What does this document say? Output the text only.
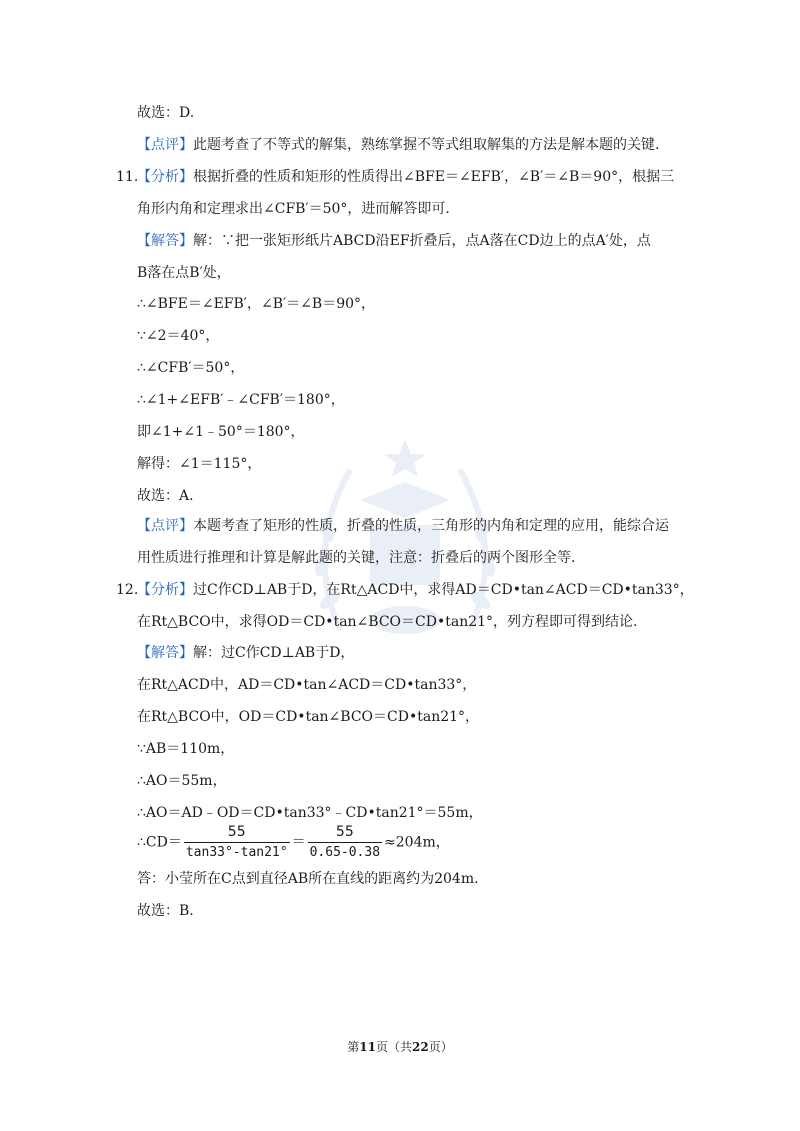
故选：D.
【点评】此题考查了不等式的解集，熟练掌握不等式组取解集的方法是解本题的关键.
11.
【分析】根据折叠的性质和矩形的性质得出∠BFE＝∠EFB′，∠B′＝∠B＝90°，根据三
角形内角和定理求出∠CFB′＝50°，进而解答即可.
【解答】解：∵把一张矩形纸片ABCD沿EF折叠后，点A落在CD边上的点A′处，点
B落在点B′处，
∴∠BFE＝∠EFB′，∠B′＝∠B＝90°，
∵∠2＝40°，
∴∠CFB′＝50°，
∴∠1+∠EFB′﹣∠CFB′＝180°，
即∠1+∠1﹣50°＝180°，
解得：∠1＝115°，
故选：A.
【点评】本题考查了矩形的性质，折叠的性质，三角形的内角和定理的应用，能综合运
用性质进行推理和计算是解此题的关键，注意：折叠后的两个图形全等.
12.
【分析】过C作CD⊥AB于D，在Rt△ACD中，求得AD＝CD•tan∠ACD＝CD•tan33°，
在Rt△BCO中，求得OD＝CD•tan∠BCO＝CD•tan21°，列方程即可得到结论.
【解答】解：过C作CD⊥AB于D，
在Rt△ACD中，AD＝CD•tan∠ACD＝CD•tan33°，
在Rt△BCO中，OD＝CD•tan∠BCO＝CD•tan21°，
∵AB＝110m，
∴AO＝55m，
∴AO＝AD﹣OD＝CD•tan33°﹣CD•tan21°＝55m，
∴CD＝ $\frac{55}{\tan 33^\circ-\tan 21^\circ} = \frac{55}{0.65-0.38} \approx 204m$，
答：小莹所在C点到直径AB所在直线的距离约为204m.
故选：B.
第11页（共22页）
